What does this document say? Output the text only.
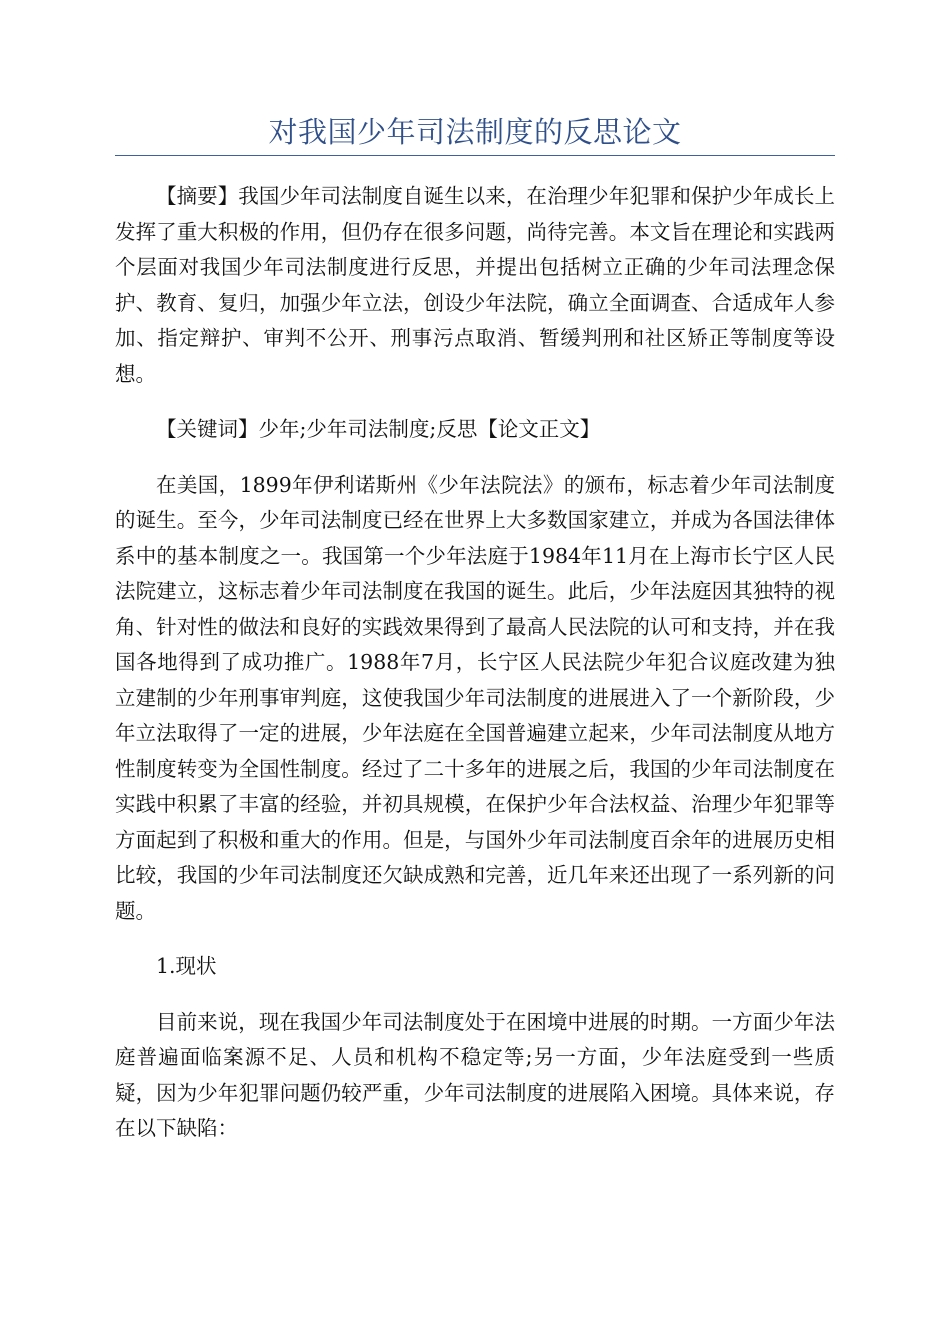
对我国少年司法制度的反思论文

【摘要】我国少年司法制度自诞生以来，在治理少年犯罪和保护少年成长上发挥了重大积极的作用，但仍存在很多问题，尚待完善。本文旨在理论和实践两个层面对我国少年司法制度进行反思，并提出包括树立正确的少年司法理念保护、教育、复归，加强少年立法，创设少年法院，确立全面调查、合适成年人参加、指定辩护、审判不公开、刑事污点取消、暂缓判刑和社区矫正等制度等设想。

【关键词】少年;少年司法制度;反思【论文正文】

在美国，1899年伊利诺斯州《少年法院法》的颁布，标志着少年司法制度的诞生。至今，少年司法制度已经在世界上大多数国家建立，并成为各国法律体系中的基本制度之一。我国第一个少年法庭于1984年11月在上海市长宁区人民法院建立，这标志着少年司法制度在我国的诞生。此后，少年法庭因其独特的视角、针对性的做法和良好的实践效果得到了最高人民法院的认可和支持，并在我国各地得到了成功推广。1988年7月，长宁区人民法院少年犯合议庭改建为独立建制的少年刑事审判庭，这使我国少年司法制度的进展进入了一个新阶段，少年立法取得了一定的进展，少年法庭在全国普遍建立起来，少年司法制度从地方性制度转变为全国性制度。经过了二十多年的进展之后，我国的少年司法制度在实践中积累了丰富的经验，并初具规模，在保护少年合法权益、治理少年犯罪等方面起到了积极和重大的作用。但是，与国外少年司法制度百余年的进展历史相比较，我国的少年司法制度还欠缺成熟和完善，近几年来还出现了一系列新的问题。

1.现状

目前来说，现在我国少年司法制度处于在困境中进展的时期。一方面少年法庭普遍面临案源不足、人员和机构不稳定等;另一方面，少年法庭受到一些质疑，因为少年犯罪问题仍较严重，少年司法制度的进展陷入困境。具体来说，存在以下缺陷：
